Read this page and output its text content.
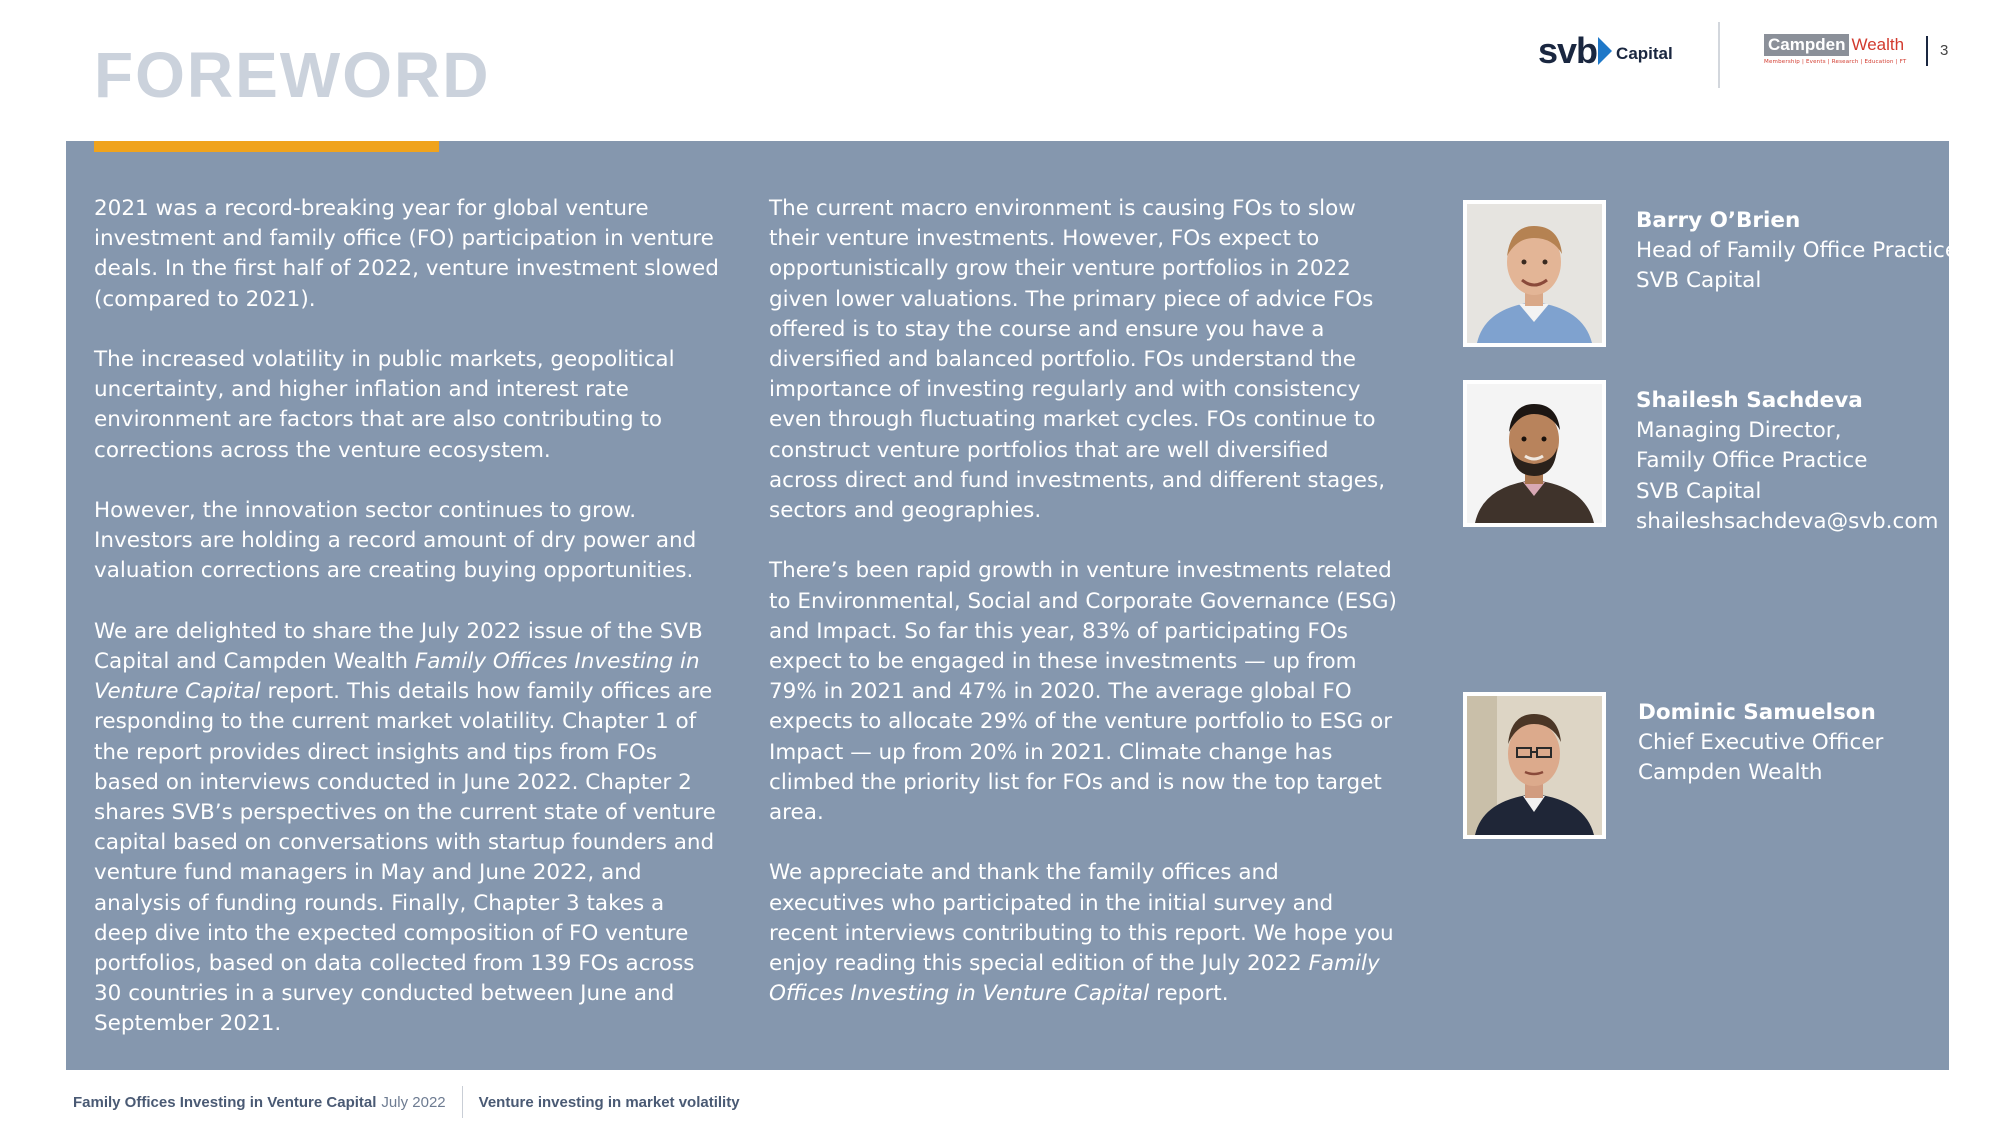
FOREWORD	svb Capital	Campden Wealth
Membership | Events | Research | Education | FT
3

2021 was a record-breaking year for global venture investment and family office (FO) participation in venture deals. In the first half of 2022, venture investment slowed (compared to 2021).

The increased volatility in public markets, geopolitical uncertainty, and higher inflation and interest rate environment are factors that are also contributing to corrections across the venture ecosystem.

However, the innovation sector continues to grow. Investors are holding a record amount of dry power and valuation corrections are creating buying opportunities.

We are delighted to share the July 2022 issue of the SVB Capital and Campden Wealth Family Offices Investing in Venture Capital report. This details how family offices are responding to the current market volatility. Chapter 1 of the report provides direct insights and tips from FOs based on interviews conducted in June 2022. Chapter 2 shares SVB’s perspectives on the current state of venture capital based on conversations with startup founders and venture fund managers in May and June 2022, and analysis of funding rounds. Finally, Chapter 3 takes a deep dive into the expected composition of FO venture portfolios, based on data collected from 139 FOs across 30 countries in a survey conducted between June and September 2021.

The current macro environment is causing FOs to slow their venture investments. However, FOs expect to opportunistically grow their venture portfolios in 2022 given lower valuations. The primary piece of advice FOs offered is to stay the course and ensure you have a diversified and balanced portfolio. FOs understand the importance of investing regularly and with consistency even through fluctuating market cycles. FOs continue to construct venture portfolios that are well diversified across direct and fund investments, and different stages, sectors and geographies.

There’s been rapid growth in venture investments related to Environmental, Social and Corporate Governance (ESG) and Impact. So far this year, 83% of participating FOs expect to be engaged in these investments — up from 79% in 2021 and 47% in 2020. The average global FO expects to allocate 29% of the venture portfolio to ESG or Impact — up from 20% in 2021. Climate change has climbed the priority list for FOs and is now the top target area.

We appreciate and thank the family offices and executives who participated in the initial survey and recent interviews contributing to this report. We hope you enjoy reading this special edition of the July 2022 Family Offices Investing in Venture Capital report.

Barry O’Brien
Head of Family Office Practice
SVB Capital
Shailesh Sachdeva
Managing Director,
Family Office Practice
SVB Capital
shaileshsachdeva@svb.com
Dominic Samuelson
Chief Executive Officer
Campden Wealth
Family Offices Investing in Venture Capital July 2022 Venture investing in market volatility
